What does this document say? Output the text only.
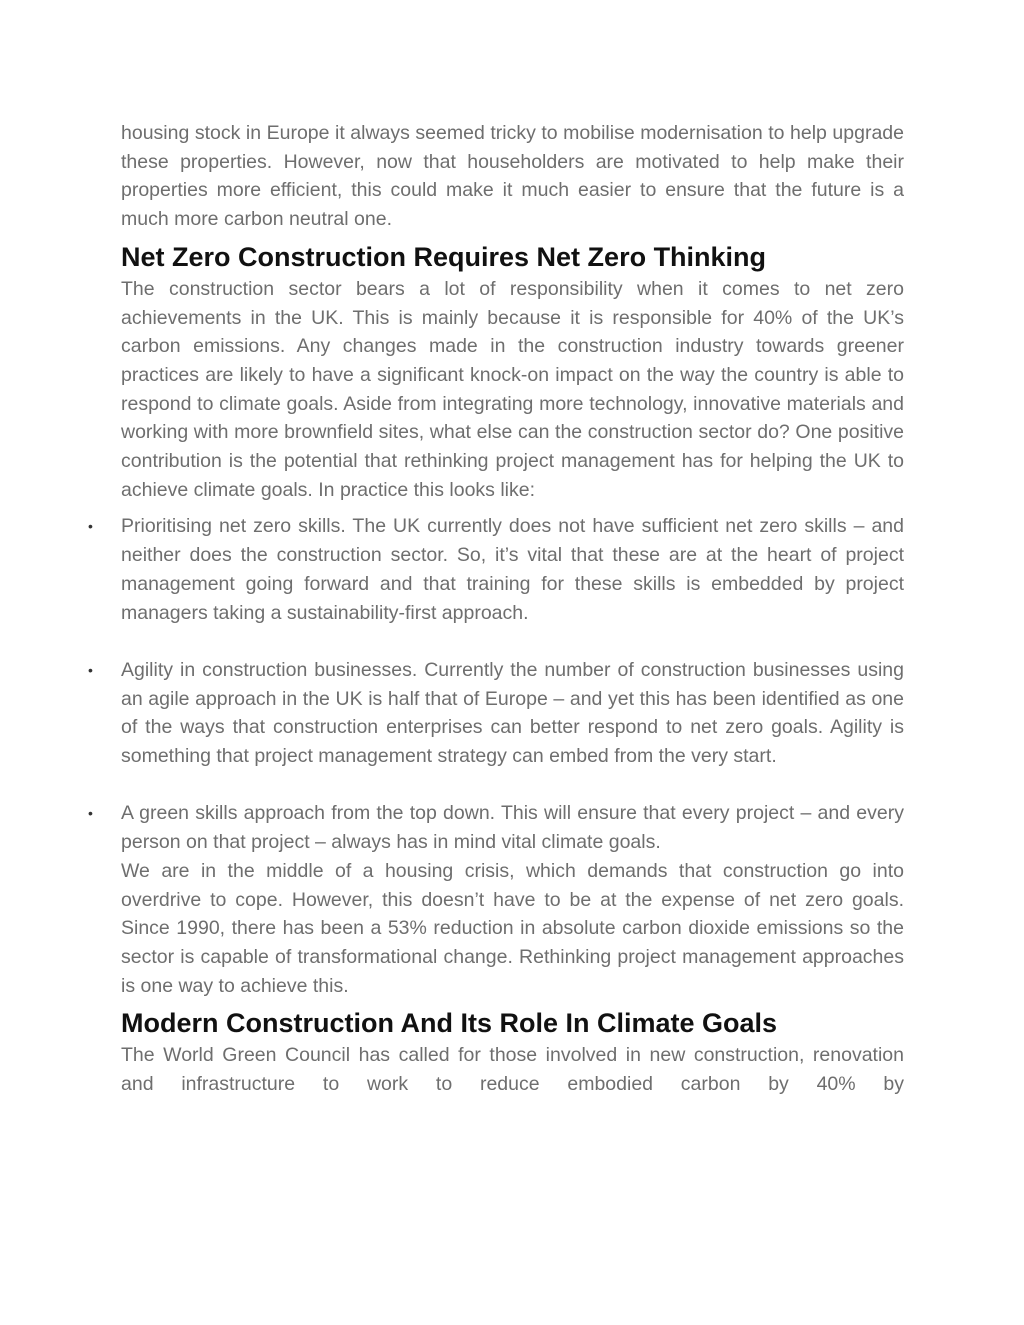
housing stock in Europe it always seemed tricky to mobilise modernisation to help upgrade these properties. However, now that householders are motivated to help make their properties more efficient, this could make it much easier to ensure that the future is a much more carbon neutral one.

Net Zero Construction Requires Net Zero Thinking

The construction sector bears a lot of responsibility when it comes to net zero achievements in the UK. This is mainly because it is responsible for 40% of the UK’s carbon emissions. Any changes made in the construction industry towards greener practices are likely to have a significant knock-on impact on the way the country is able to respond to climate goals. Aside from integrating more technology, innovative materials and working with more brownfield sites, what else can the construction sector do? One positive contribution is the potential that rethinking project management has for helping the UK to achieve climate goals. In practice this looks like:

• Prioritising net zero skills. The UK currently does not have sufficient net zero skills – and neither does the construction sector. So, it’s vital that these are at the heart of project management going forward and that training for these skills is embedded by project managers taking a sustainability-first approach.

• Agility in construction businesses. Currently the number of construction businesses using an agile approach in the UK is half that of Europe – and yet this has been identified as one of the ways that construction enterprises can better respond to net zero goals. Agility is something that project management strategy can embed from the very start.

• A green skills approach from the top down. This will ensure that every project – and every person on that project – always has in mind vital climate goals.

We are in the middle of a housing crisis, which demands that construction go into overdrive to cope. However, this doesn’t have to be at the expense of net zero goals. Since 1990, there has been a 53% reduction in absolute carbon dioxide emissions so the sector is capable of transformational change. Rethinking project management approaches is one way to achieve this.

Modern Construction And Its Role In Climate Goals

The World Green Council has called for those involved in new construction, renovation and infrastructure to work to reduce embodied carbon by 40% by
